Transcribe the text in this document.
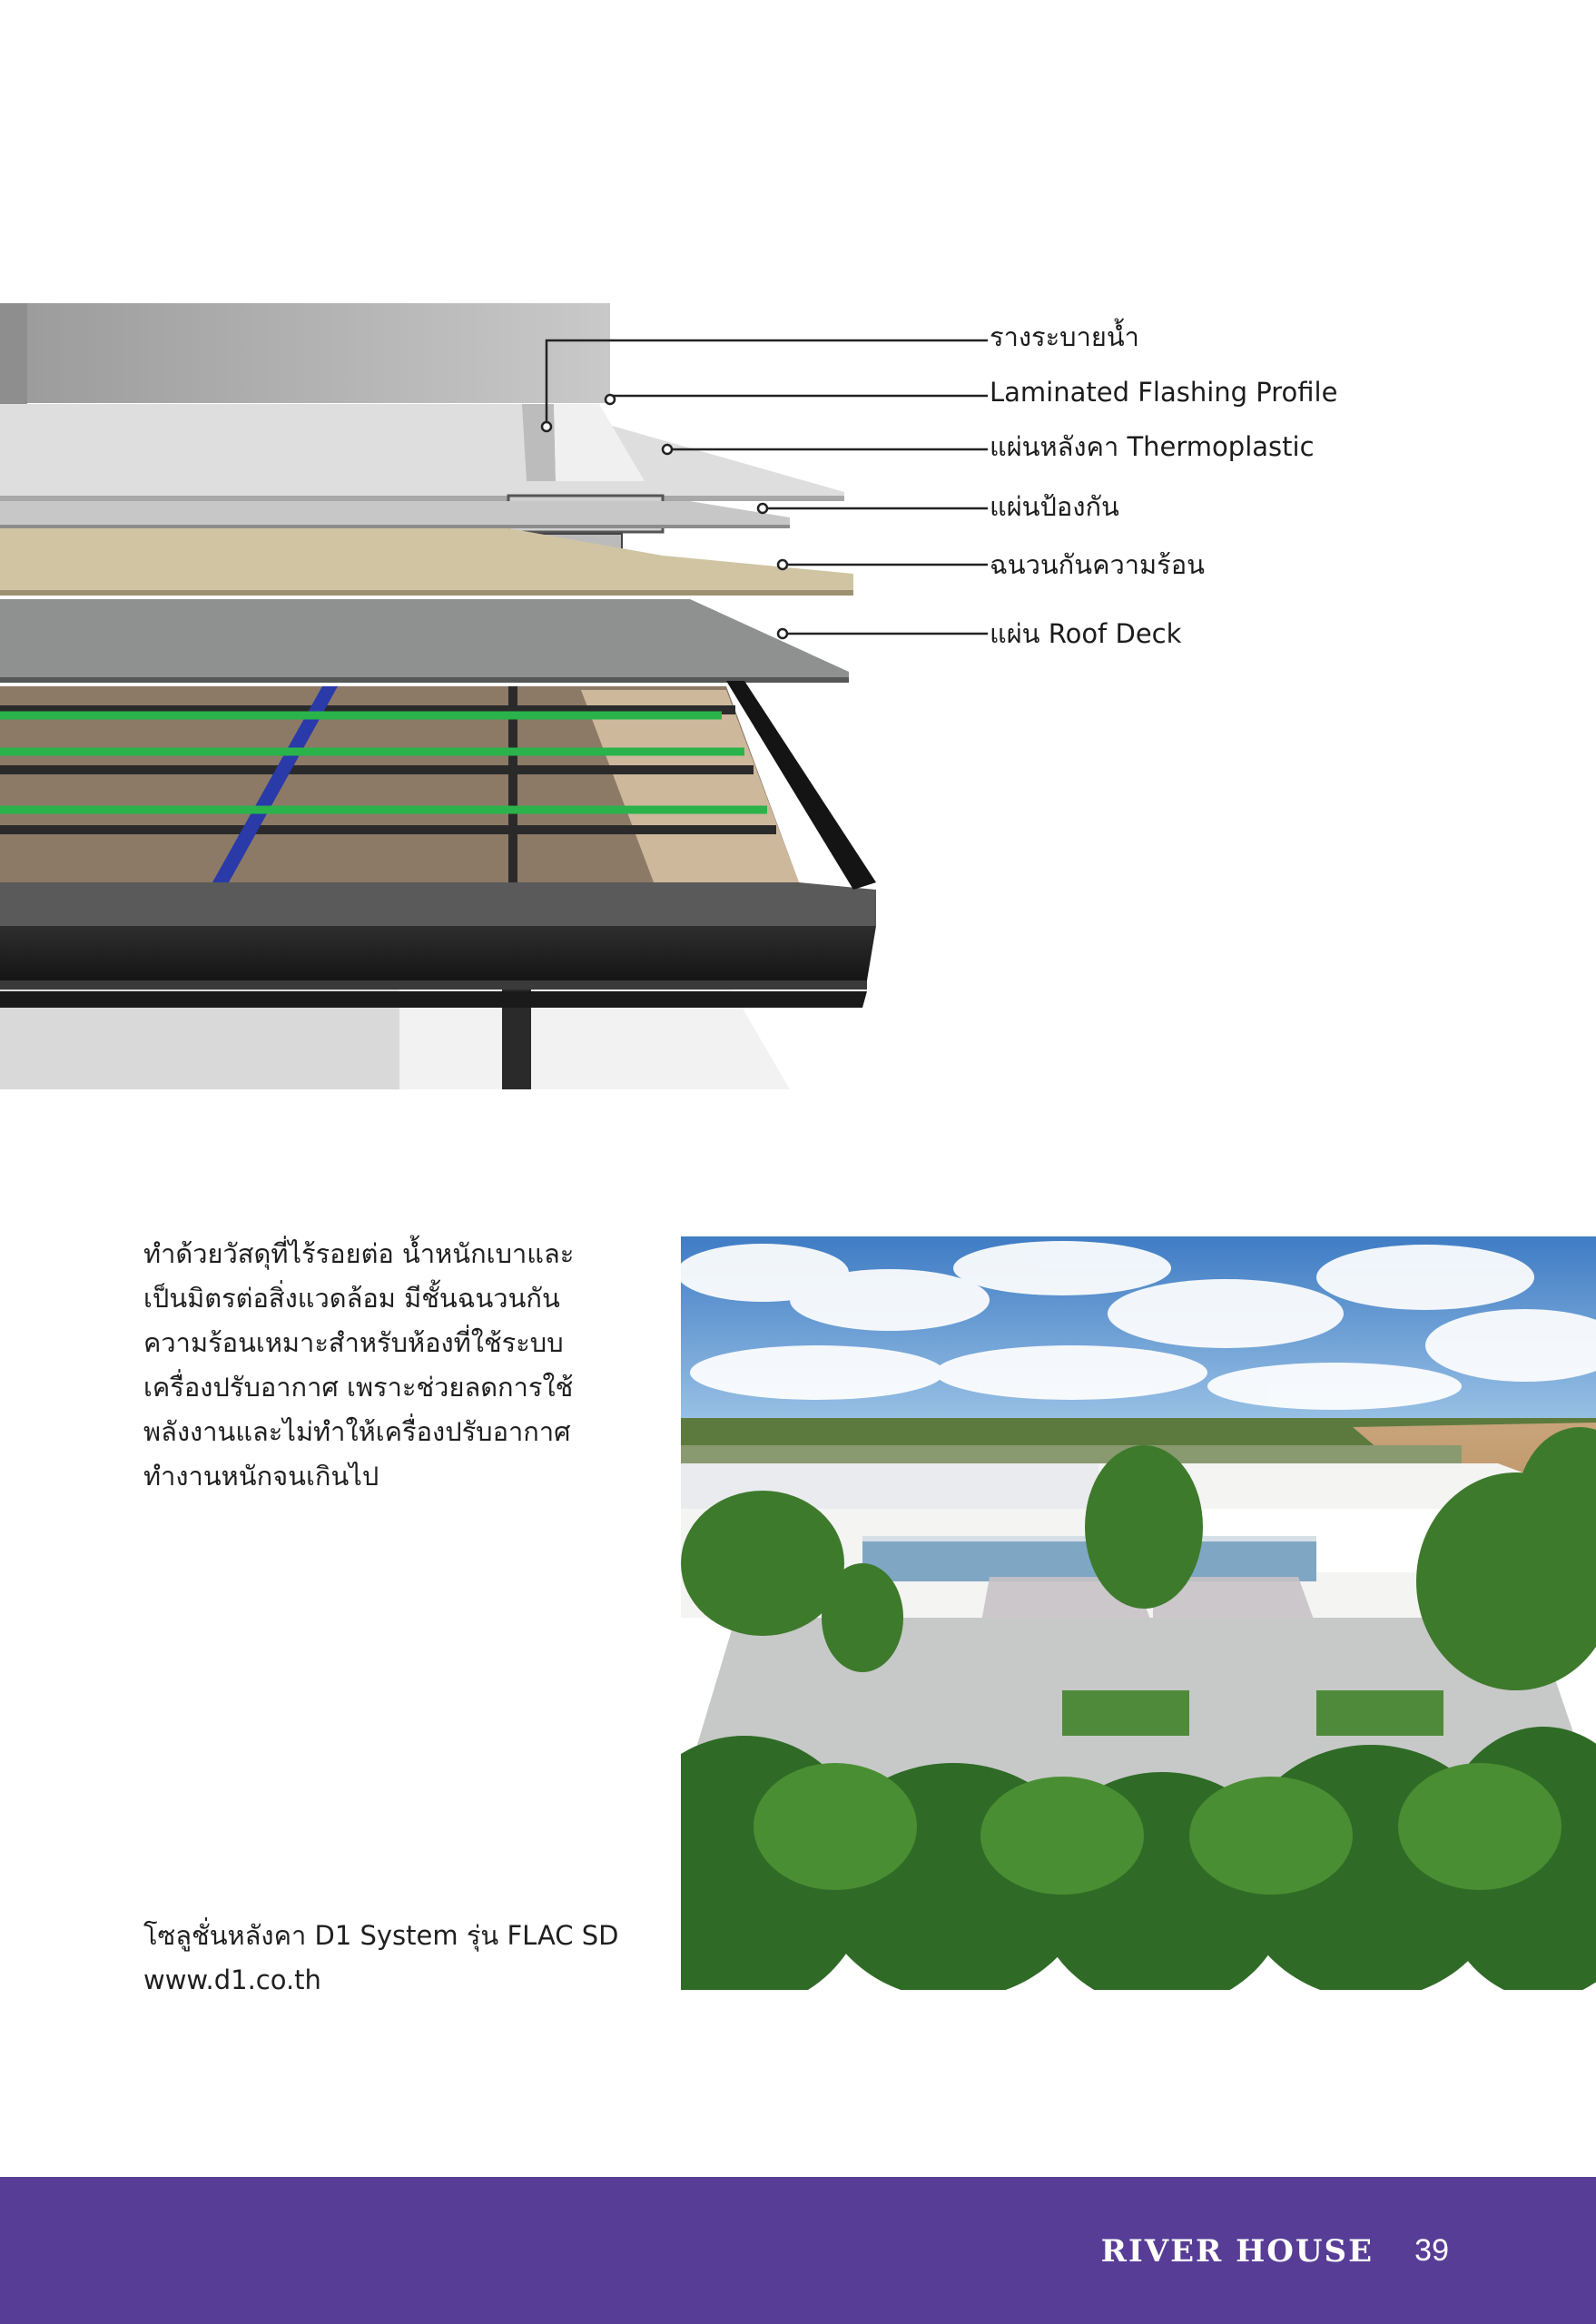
รางระบายน้ำ
Laminated Flashing Profile
แผ่นหลังคา Thermoplastic
แผ่นป้องกัน
ฉนวนกันความร้อน
แผ่น Roof Deck

ทำด้วยวัสดุที่ไร้รอยต่อ น้ำหนักเบาและ

เป็นมิตรต่อสิ่งแวดล้อม มีชั้นฉนวนกัน

ความร้อนเหมาะสำหรับห้องที่ใช้ระบบ

เครื่องปรับอากาศ เพราะช่วยลดการใช้

พลังงานและไม่ทำให้เครื่องปรับอากาศ

ทำงานหนักจนเกินไป

โซลูชั่นหลังคา D1 System รุ่น FLAC SD

www.d1.co.th

RIVER HOUSE 39
